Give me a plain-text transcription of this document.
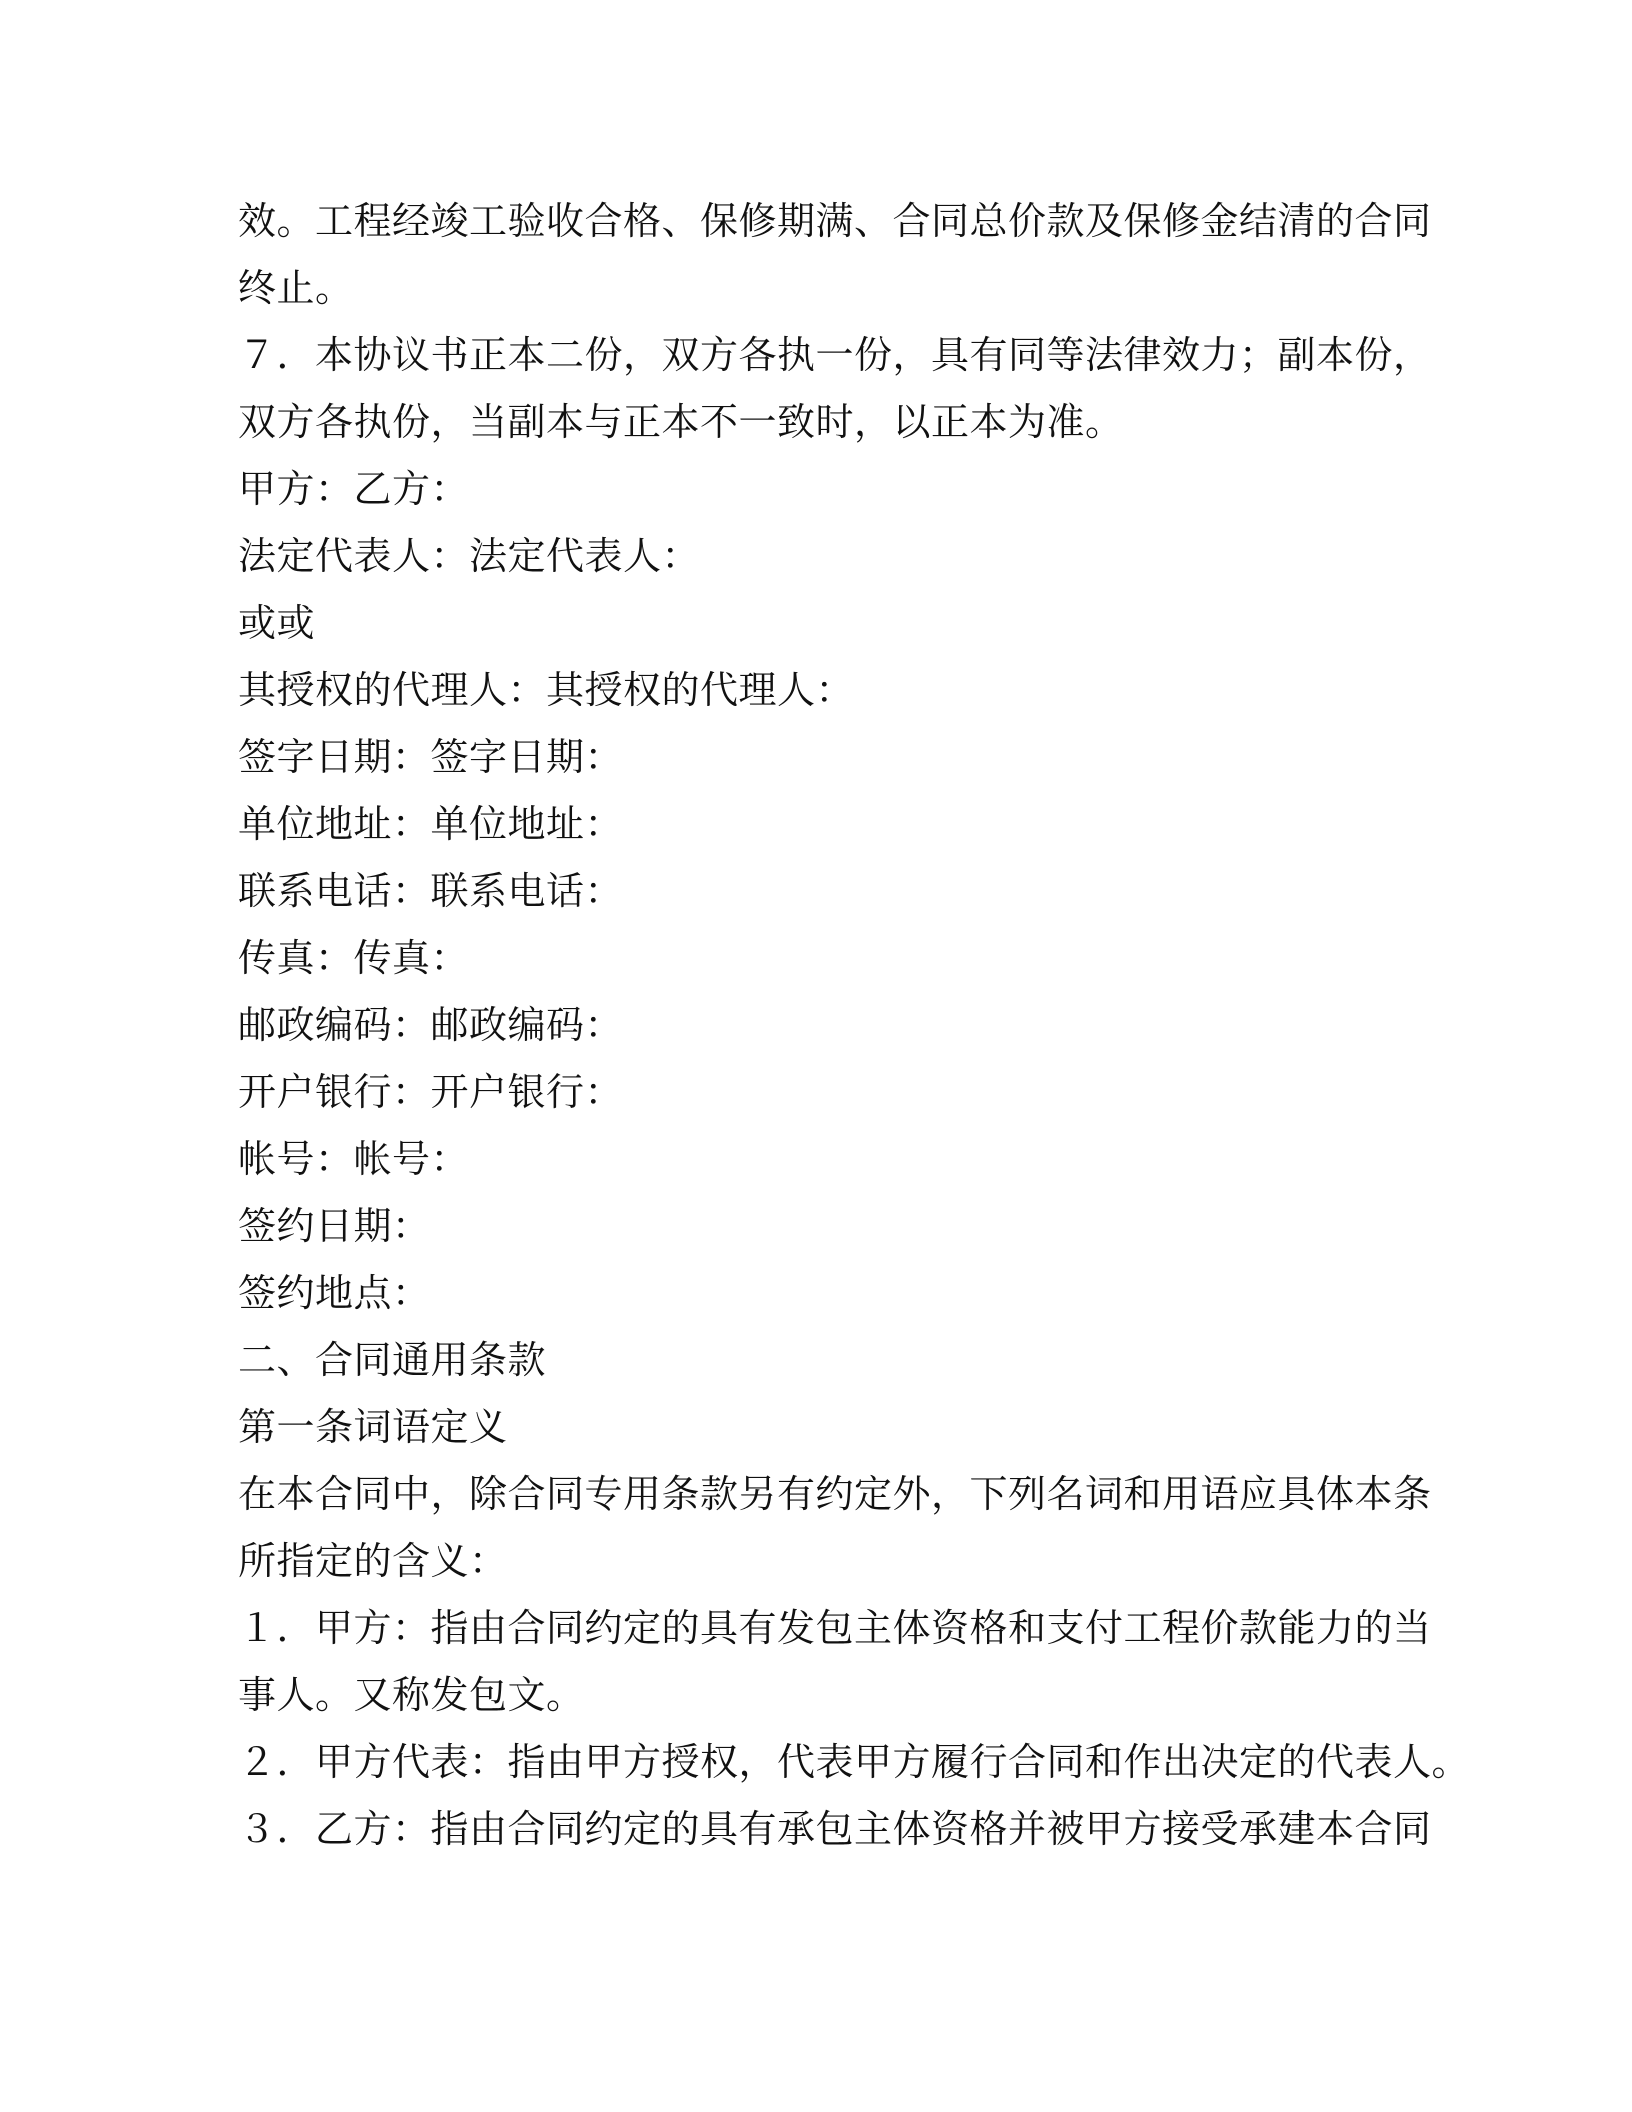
效。工程经竣工验收合格、保修期满、合同总价款及保修金结清的合同
终止。
７．本协议书正本二份，双方各执一份，具有同等法律效力；副本份，
双方各执份，当副本与正本不一致时，以正本为准。
甲方：乙方：
法定代表人：法定代表人：
或或
其授权的代理人：其授权的代理人：
签字日期：签字日期：
单位地址：单位地址：
联系电话：联系电话：
传真：传真：
邮政编码：邮政编码：
开户银行：开户银行：
帐号：帐号：
签约日期：
签约地点：
二、合同通用条款
第一条词语定义
在本合同中，除合同专用条款另有约定外，下列名词和用语应具体本条
所指定的含义：
１．甲方：指由合同约定的具有发包主体资格和支付工程价款能力的当
事人。又称发包文。
２．甲方代表：指由甲方授权，代表甲方履行合同和作出决定的代表人。
３．乙方：指由合同约定的具有承包主体资格并被甲方接受承建本合同
